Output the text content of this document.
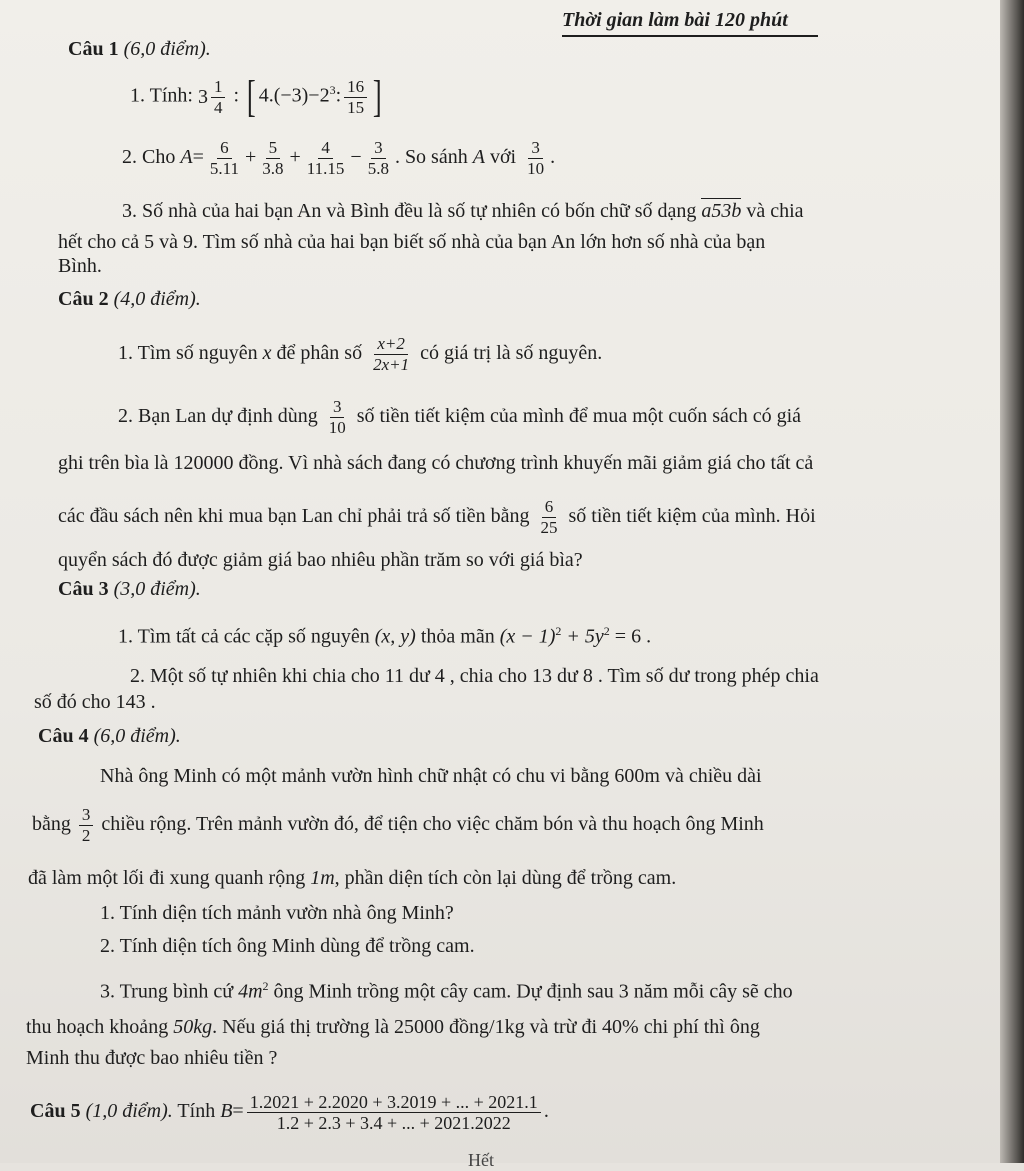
Thời gian làm bài 120 phút
Câu 1 (6,0 điểm).
1. Tính: $3 \frac{1}{4}$ : [ $4.(-3)-2^3$: $\frac{16}{15}$ ]
2. Cho $A= \frac{6}{5.11} + \frac{5}{3.8} + \frac{4}{11.15} - \frac{3}{5.8}$ . So sánh A với $\frac{3}{10}$ .
3. Số nhà của hai bạn An và Bình đều là số tự nhiên có bốn chữ số dạng a53b và chia
hết cho cả 5 và 9. Tìm số nhà của hai bạn biết số nhà của bạn An lớn hơn số nhà của bạn
Bình.
Câu 2 (4,0 điểm).
1. Tìm số nguyên x để phân số $\frac{x+2}{2x+1}$ có giá trị là số nguyên.
2. Bạn Lan dự định dùng $\frac{3}{10}$ số tiền tiết kiệm của mình để mua một cuốn sách có giá
ghi trên bìa là 120000 đồng. Vì nhà sách đang có chương trình khuyến mãi giảm giá cho tất cả
các đầu sách nên khi mua bạn Lan chỉ phải trả số tiền bằng $\frac{6}{25}$ số tiền tiết kiệm của mình. Hỏi
quyển sách đó được giảm giá bao nhiêu phần trăm so với giá bìa?
Câu 3 (3,0 điểm).
1. Tìm tất cả các cặp số nguyên (x, y) thỏa mãn $(x - 1)^2 + 5y^2 = 6$ .
2. Một số tự nhiên khi chia cho 11 dư 4 , chia cho 13 dư 8 . Tìm số dư trong phép chia
số đó cho 143 .
Câu 4 (6,0 điểm).
Nhà ông Minh có một mảnh vườn hình chữ nhật có chu vi bằng 600m và chiều dài
bằng $\frac{3}{2}$ chiều rộng. Trên mảnh vườn đó, để tiện cho việc chăm bón và thu hoạch ông Minh
đã làm một lối đi xung quanh rộng 1m, phần diện tích còn lại dùng để trồng cam.
1. Tính diện tích mảnh vườn nhà ông Minh?
2. Tính diện tích ông Minh dùng để trồng cam.
3. Trung bình cứ $4m^2$ ông Minh trồng một cây cam. Dự định sau 3 năm mỗi cây sẽ cho
thu hoạch khoảng 50kg. Nếu giá thị trường là 25000 đồng/1kg và trừ đi 40% chi phí thì ông
Minh thu được bao nhiêu tiền ?
Câu 5 (1,0 điểm). Tính $B= \frac{1.2021 + 2.2020 + 3.2019 + ... + 2021.1}{1.2 + 2.3 + 3.4 + ... + 2021.2022}$ .
Hết
